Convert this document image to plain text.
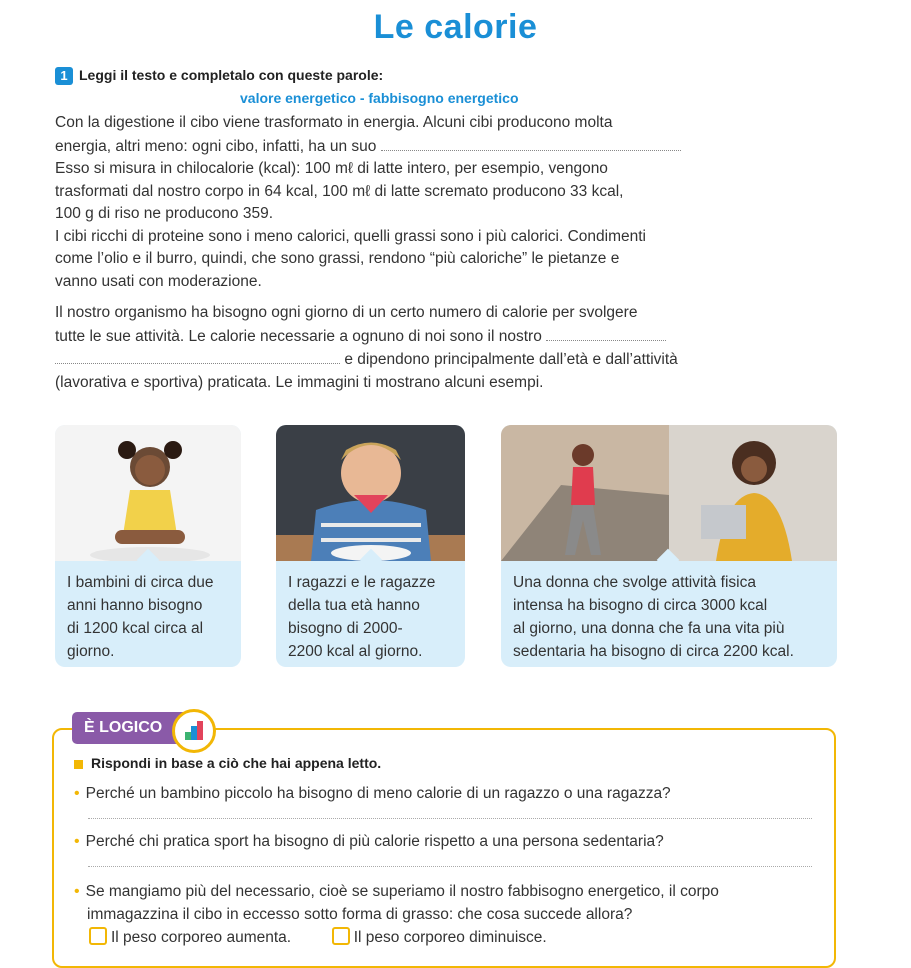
Le calorie
1 Leggi il testo e completalo con queste parole:
valore energetico - fabbisogno energetico
Con la digestione il cibo viene trasformato in energia. Alcuni cibi producono molta
energia, altri meno: ogni cibo, infatti, ha un suo
Esso si misura in chilocalorie (kcal): 100 mℓ di latte intero, per esempio, vengono
trasformati dal nostro corpo in 64 kcal, 100 mℓ di latte scremato producono 33 kcal,
100 g di riso ne producono 359.
I cibi ricchi di proteine sono i meno calorici, quelli grassi sono i più calorici. Condimenti
come l’olio e il burro, quindi, che sono grassi, rendono “più caloriche” le pietanze e
vanno usati con moderazione.
Il nostro organismo ha bisogno ogni giorno di un certo numero di calorie per svolgere
tutte le sue attività. Le calorie necessarie a ognuno di noi sono il nostro
e dipendono principalmente dall’età e dall’attività
(lavorativa e sportiva) praticata. Le immagini ti mostrano alcuni esempi.
I bambini di circa due
anni hanno bisogno
di 1200 kcal circa al
giorno.
I ragazzi e le ragazze
della tua età hanno
bisogno di 2000-
2200 kcal al giorno.
Una donna che svolge attività fisica
intensa ha bisogno di circa 3000 kcal
al giorno, una donna che fa una vita più
sedentaria ha bisogno di circa 2200 kcal.
È LOGICO
Rispondi in base a ciò che hai appena letto.
• Perché un bambino piccolo ha bisogno di meno calorie di un ragazzo o una ragazza?
• Perché chi pratica sport ha bisogno di più calorie rispetto a una persona sedentaria?
• Se mangiamo più del necessario, cioè se superiamo il nostro fabbisogno energetico, il corpo
immagazzina il cibo in eccesso sotto forma di grasso: che cosa succede allora?
Il peso corporeo aumenta.	Il peso corporeo diminuisce.
